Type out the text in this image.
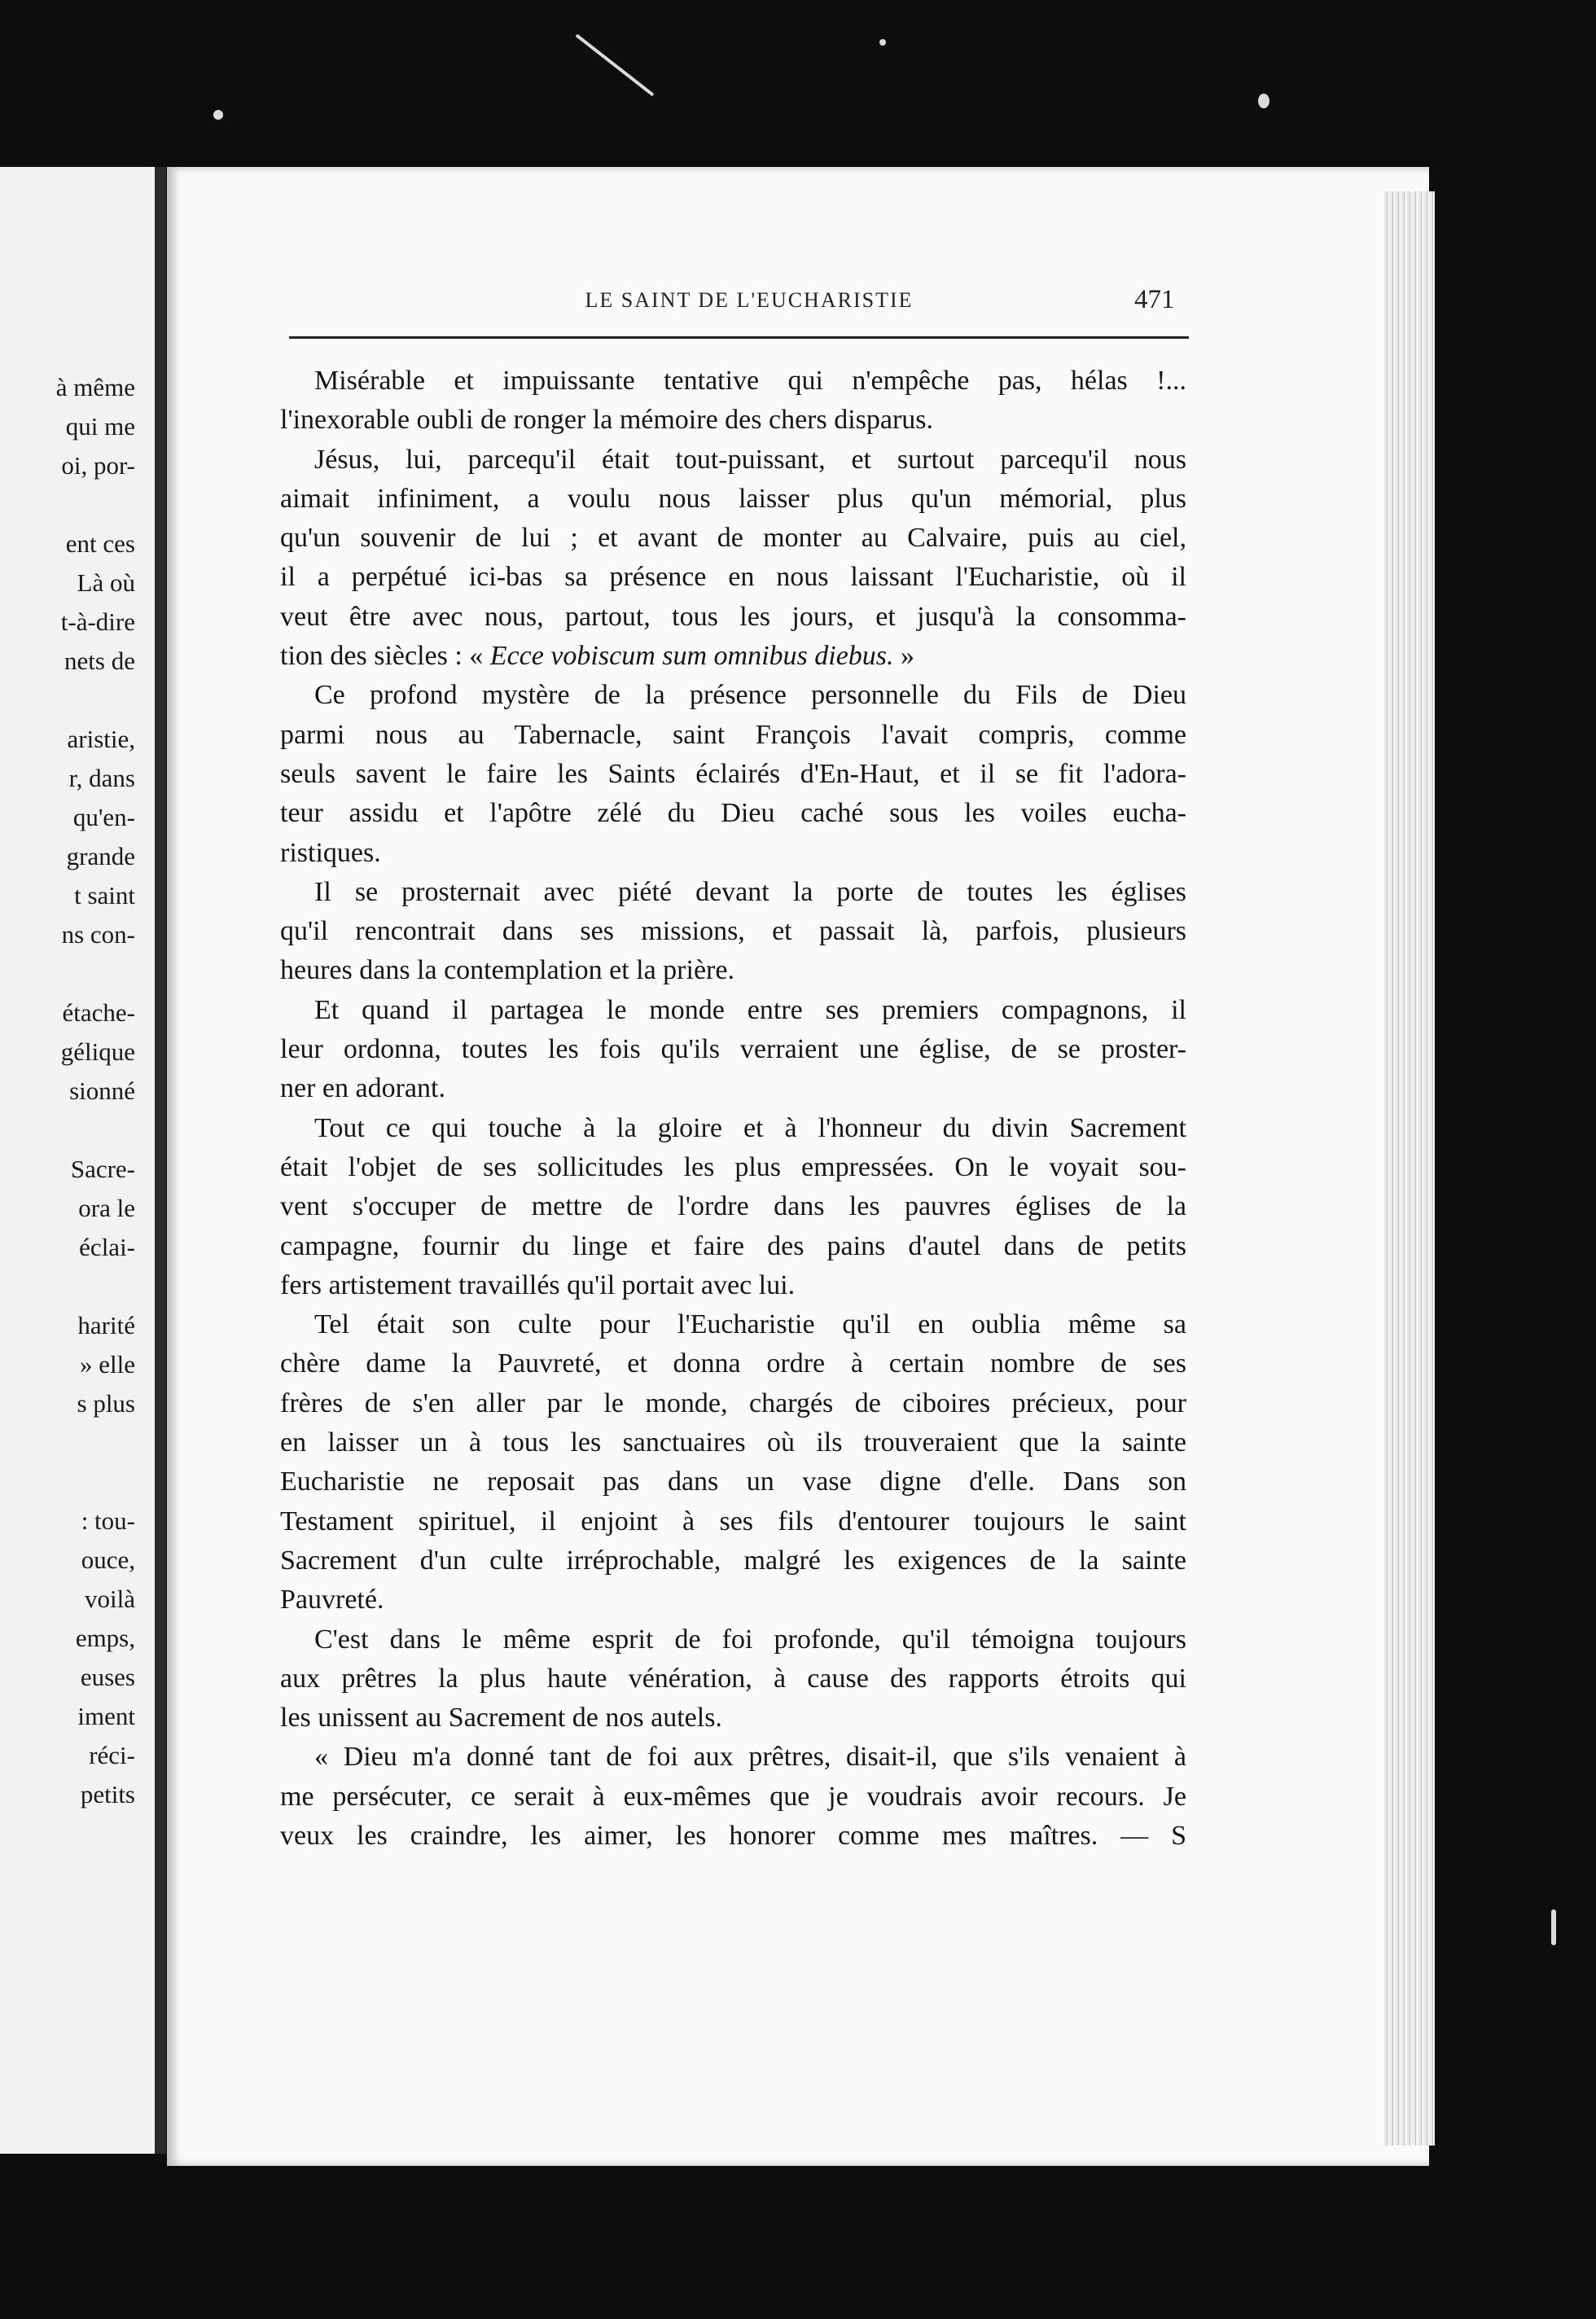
à même
qui me
oi, por-
ent ces
Là où
t-à-dire
nets de
aristie,
r, dans
qu'en-
grande
t saint
ns con-
étache-
gélique
sionné
Sacre-
ora le
éclai-
harité
» elle
s plus
: tou-
ouce,
voilà
emps,
euses
iment
réci-
petits
LE SAINT DE L'EUCHARISTIE	471
Misérable et impuissante tentative qui n'empêche pas, hélas !...
l'inexorable oubli de ronger la mémoire des chers disparus.
Jésus, lui, parcequ'il était tout-puissant, et surtout parcequ'il nous
aimait infiniment, a voulu nous laisser plus qu'un mémorial, plus
qu'un souvenir de lui ; et avant de monter au Calvaire, puis au ciel,
il a perpétué ici-bas sa présence en nous laissant l'Eucharistie, où il
veut être avec nous, partout, tous les jours, et jusqu'à la consomma-
tion des siècles : « Ecce vobiscum sum omnibus diebus. »
Ce profond mystère de la présence personnelle du Fils de Dieu
parmi nous au Tabernacle, saint François l'avait compris, comme
seuls savent le faire les Saints éclairés d'En-Haut, et il se fit l'adora-
teur assidu et l'apôtre zélé du Dieu caché sous les voiles eucha-
ristiques.
Il se prosternait avec piété devant la porte de toutes les églises
qu'il rencontrait dans ses missions, et passait là, parfois, plusieurs
heures dans la contemplation et la prière.
Et quand il partagea le monde entre ses premiers compagnons, il
leur ordonna, toutes les fois qu'ils verraient une église, de se proster-
ner en adorant.
Tout ce qui touche à la gloire et à l'honneur du divin Sacrement
était l'objet de ses sollicitudes les plus empressées. On le voyait sou-
vent s'occuper de mettre de l'ordre dans les pauvres églises de la
campagne, fournir du linge et faire des pains d'autel dans de petits
fers artistement travaillés qu'il portait avec lui.
Tel était son culte pour l'Eucharistie qu'il en oublia même sa
chère dame la Pauvreté, et donna ordre à certain nombre de ses
frères de s'en aller par le monde, chargés de ciboires précieux, pour
en laisser un à tous les sanctuaires où ils trouveraient que la sainte
Eucharistie ne reposait pas dans un vase digne d'elle. Dans son
Testament spirituel, il enjoint à ses fils d'entourer toujours le saint
Sacrement d'un culte irréprochable, malgré les exigences de la sainte
Pauvreté.
C'est dans le même esprit de foi profonde, qu'il témoigna toujours
aux prêtres la plus haute vénération, à cause des rapports étroits qui
les unissent au Sacrement de nos autels.
« Dieu m'a donné tant de foi aux prêtres, disait-il, que s'ils venaient à
me persécuter, ce serait à eux-mêmes que je voudrais avoir recours. Je
veux les craindre, les aimer, les honorer comme mes maîtres. — S
